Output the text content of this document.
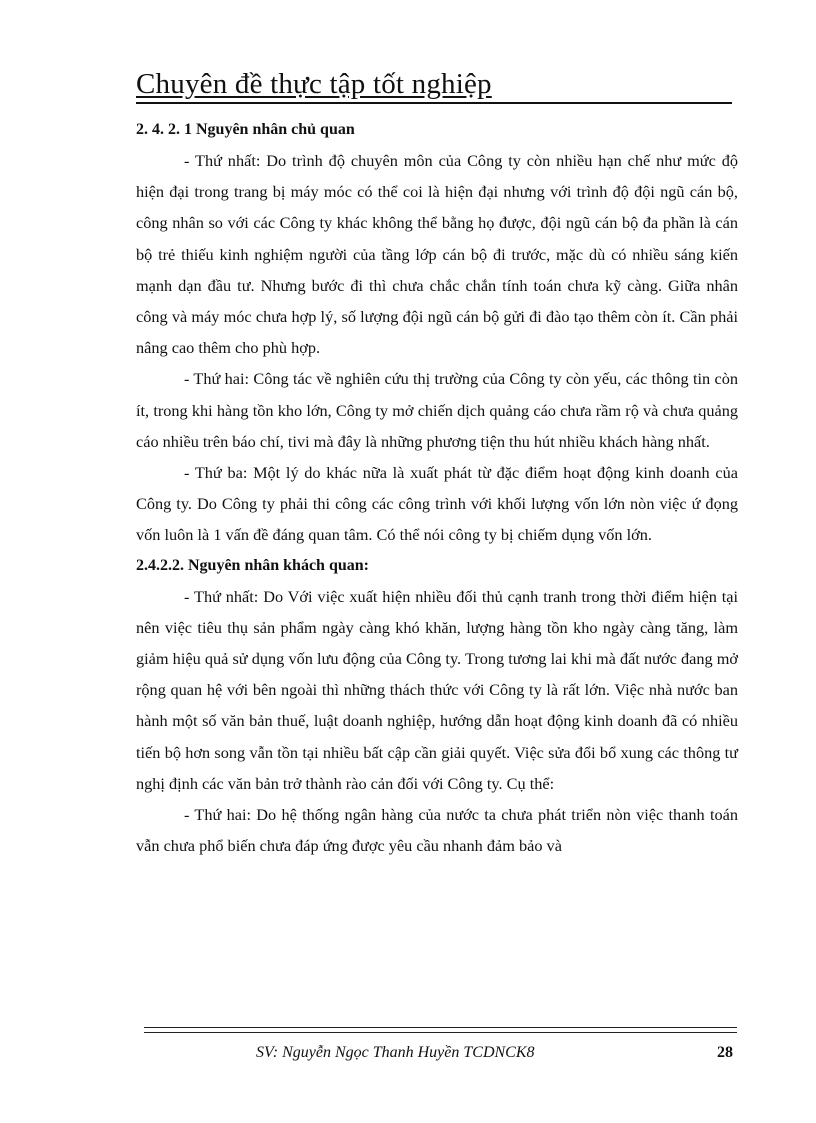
Chuyên đề thực tập tốt nghiệp

2. 4. 2. 1 Nguyên nhân chủ quan

- Thứ nhất: Do trình độ chuyên môn của Công ty còn nhiều hạn chế như mức độ hiện đại trong trang bị máy móc có thể coi là hiện đại nhưng với trình độ đội ngũ cán bộ, công nhân so với các Công ty khác không thể bằng họ được, đội ngũ cán bộ đa phần là cán bộ trẻ thiếu kinh nghiệm người của tầng lớp cán bộ đi trước, mặc dù có nhiều sáng kiến mạnh dạn đầu tư. Nhưng bước đi thì chưa chắc chắn tính toán chưa kỹ càng. Giữa nhân công và máy móc chưa hợp lý, số lượng đội ngũ cán bộ gửi đi đào tạo thêm còn ít. Cần phải nâng cao thêm cho phù hợp.

- Thứ hai: Công tác về nghiên cứu thị trường của Công ty còn yếu, các thông tin còn ít, trong khi hàng tồn kho lớn, Công ty mở chiến dịch quảng cáo chưa rầm rộ và chưa quảng cáo nhiều trên báo chí, tivi mà đây là những phương tiện thu hút nhiều khách hàng nhất.

- Thứ ba: Một lý do khác nữa là xuất phát từ đặc điểm hoạt động kinh doanh của Công ty. Do Công ty phải thi công các công trình với khối lượng vốn lớn nòn việc ứ đọng vốn luôn là 1 vấn đề đáng quan tâm. Có thể nói công ty bị chiếm dụng vốn lớn.

2.4.2.2. Nguyên nhân khách quan:

- Thứ nhất: Do Với việc xuất hiện nhiều đối thủ cạnh tranh trong thời điểm hiện tại nên việc tiêu thụ sản phẩm ngày càng khó khăn, lượng hàng tồn kho ngày càng tăng, làm giảm hiệu quả sử dụng vốn lưu động của Công ty. Trong tương lai khi mà đất nước đang mở rộng quan hệ với bên ngoài thì những thách thức với Công ty là rất lớn. Việc nhà nước ban hành một số văn bản thuế, luật doanh nghiệp, hướng dẫn hoạt động kinh doanh đã có nhiều tiến bộ hơn song vẫn tồn tại nhiều bất cập cần giải quyết. Việc sửa đổi bổ xung các thông tư nghị định các văn bản trở thành rào cản đối với Công ty. Cụ thể:

- Thứ hai: Do hệ thống ngân hàng của nước ta chưa phát triển nòn việc thanh toán vẫn chưa phổ biến chưa đáp ứng được yêu cầu nhanh đảm bảo và

SV: Nguyễn Ngọc Thanh Huyền TCDNCK8	28
